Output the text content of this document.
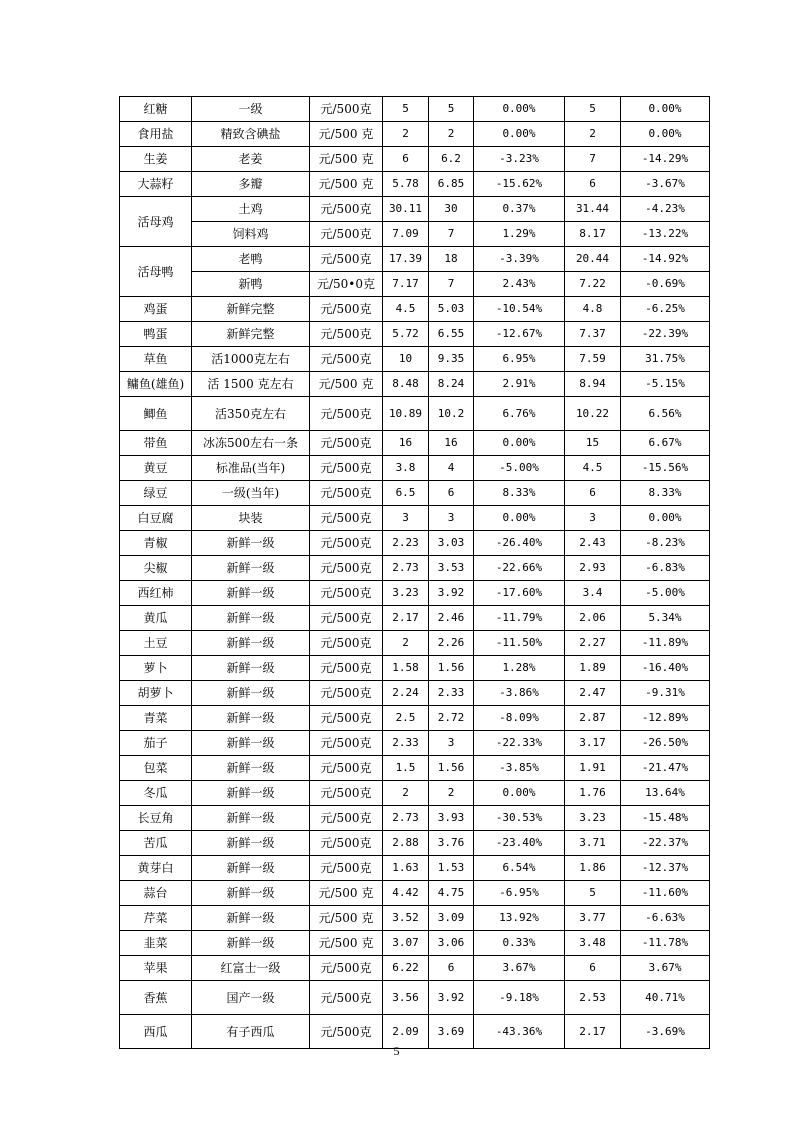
红糖	一级	元/500克	5	5	0.00%	5	0.00%
食用盐	精致含碘盐	元/500 克	2	2	0.00%	2	0.00%
生姜	老姜	元/500 克	6	6.2	-3.23%	7	-14.29%
大蒜籽	多瓣	元/500 克	5.78	6.85	-15.62%	6	-3.67%
活母鸡	土鸡	元/500克	30.11	30	0.37%	31.44	-4.23%
	饲料鸡	元/500克	7.09	7	1.29%	8.17	-13.22%
活母鸭	老鸭	元/500克	17.39	18	-3.39%	20.44	-14.92%
	新鸭	元/50•0克	7.17	7	2.43%	7.22	-0.69%
鸡蛋	新鲜完整	元/500克	4.5	5.03	-10.54%	4.8	-6.25%
鸭蛋	新鲜完整	元/500克	5.72	6.55	-12.67%	7.37	-22.39%
草鱼	活1000克左右	元/500克	10	9.35	6.95%	7.59	31.75%
鳙鱼(雄鱼)	活 1500 克左右	元/500 克	8.48	8.24	2.91%	8.94	-5.15%
鲫鱼	活350克左右	元/500克	10.89	10.2	6.76%	10.22	6.56%
带鱼	冰冻500左右一条	元/500克	16	16	0.00%	15	6.67%
黄豆	标准品(当年)	元/500克	3.8	4	-5.00%	4.5	-15.56%
绿豆	一级(当年)	元/500克	6.5	6	8.33%	6	8.33%
白豆腐	块装	元/500克	3	3	0.00%	3	0.00%
青椒	新鲜一级	元/500克	2.23	3.03	-26.40%	2.43	-8.23%
尖椒	新鲜一级	元/500克	2.73	3.53	-22.66%	2.93	-6.83%
西红柿	新鲜一级	元/500克	3.23	3.92	-17.60%	3.4	-5.00%
黄瓜	新鲜一级	元/500克	2.17	2.46	-11.79%	2.06	5.34%
土豆	新鲜一级	元/500克	2	2.26	-11.50%	2.27	-11.89%
萝卜	新鲜一级	元/500克	1.58	1.56	1.28%	1.89	-16.40%
胡萝卜	新鲜一级	元/500克	2.24	2.33	-3.86%	2.47	-9.31%
青菜	新鲜一级	元/500克	2.5	2.72	-8.09%	2.87	-12.89%
茄子	新鲜一级	元/500克	2.33	3	-22.33%	3.17	-26.50%
包菜	新鲜一级	元/500克	1.5	1.56	-3.85%	1.91	-21.47%
冬瓜	新鲜一级	元/500克	2	2	0.00%	1.76	13.64%
长豆角	新鲜一级	元/500克	2.73	3.93	-30.53%	3.23	-15.48%
苦瓜	新鲜一级	元/500克	2.88	3.76	-23.40%	3.71	-22.37%
黄芽白	新鲜一级	元/500克	1.63	1.53	6.54%	1.86	-12.37%
蒜台	新鲜一级	元/500 克	4.42	4.75	-6.95%	5	-11.60%
芹菜	新鲜一级	元/500 克	3.52	3.09	13.92%	3.77	-6.63%
韭菜	新鲜一级	元/500 克	3.07	3.06	0.33%	3.48	-11.78%
苹果	红富士一级	元/500克	6.22	6	3.67%	6	3.67%
香蕉	国产一级	元/500克	3.56	3.92	-9.18%	2.53	40.71%
西瓜	有子西瓜	元/500克	2.09	3.69	-43.36%	2.17	-3.69%
5
